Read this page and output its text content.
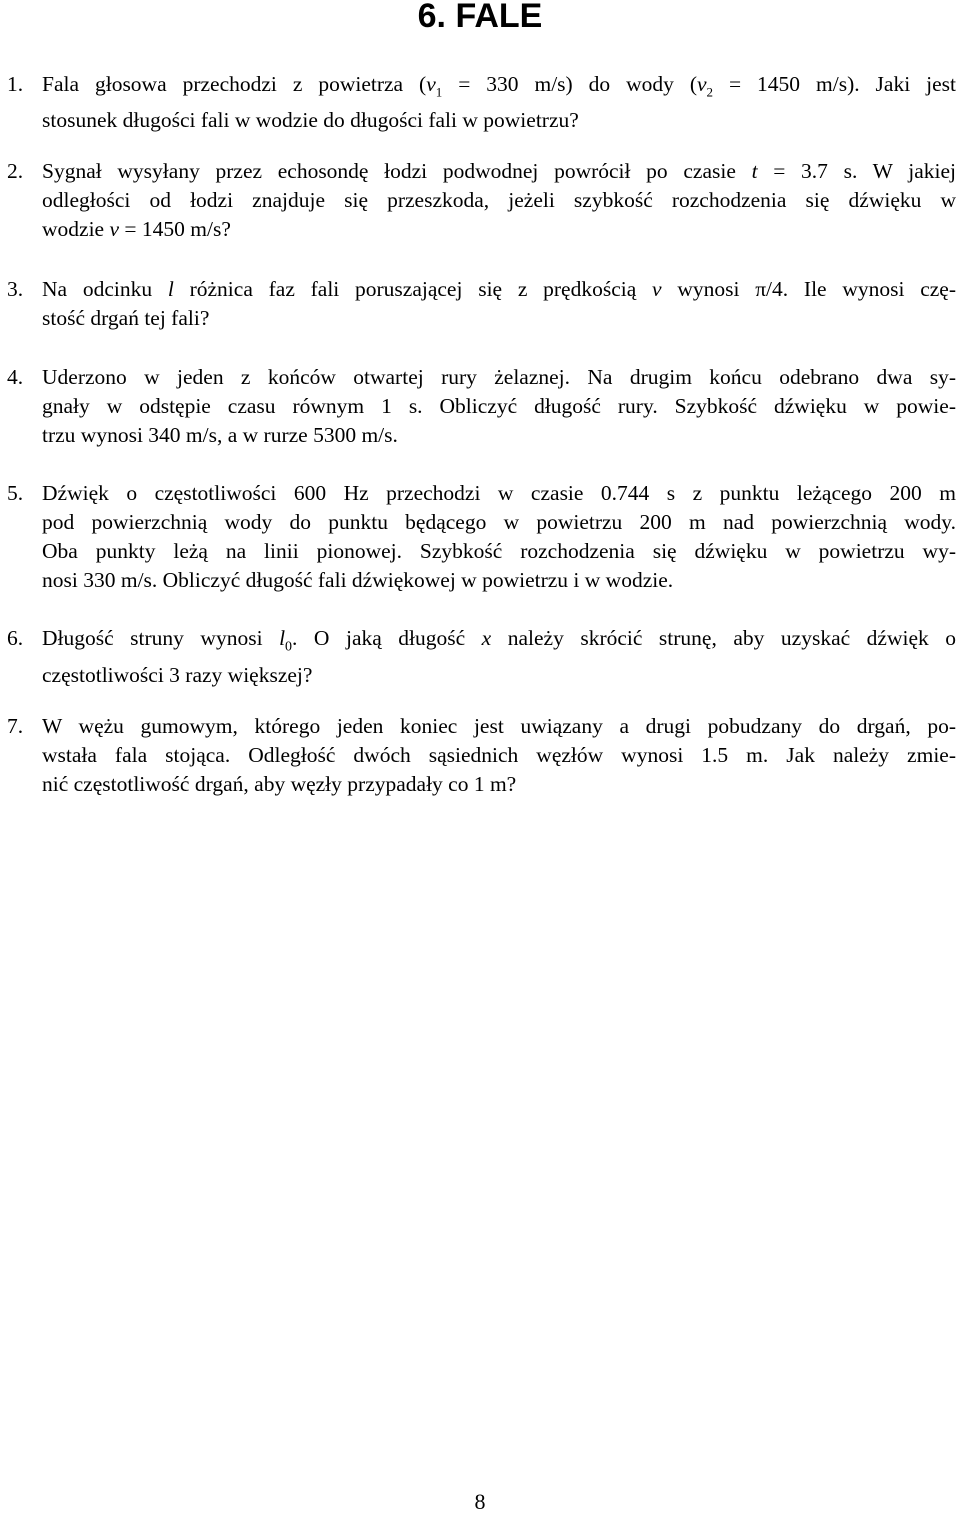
6. FALE
1. Fala głosowa przechodzi z powietrza ($v_1 = 330$ m/s) do wody ($v_2 = 1450$ m/s). Jaki jest
stosunek długości fali w wodzie do długości fali w powietrzu?
2. Sygnał wysyłany przez echosondę łodzi podwodnej powrócił po czasie t = 3.7 s. W jakiej
odległości od łodzi znajduje się przeszkoda, jeżeli szybkość rozchodzenia się dźwięku w
wodzie v = 1450 m/s?
3. Na odcinku l różnica faz fali poruszającej się z prędkością v wynosi π/4. Ile wynosi czę-
stość drgań tej fali?
4. Uderzono w jeden z końców otwartej rury żelaznej. Na drugim końcu odebrano dwa sy-
gnały w odstępie czasu równym 1 s. Obliczyć długość rury. Szybkość dźwięku w powie-
trzu wynosi 340 m/s, a w rurze 5300 m/s.
5. Dźwięk o częstotliwości 600 Hz przechodzi w czasie 0.744 s z punktu leżącego 200 m
pod powierzchnią wody do punktu będącego w powietrzu 200 m nad powierzchnią wody.
Oba punkty leżą na linii pionowej. Szybkość rozchodzenia się dźwięku w powietrzu wy-
nosi 330 m/s. Obliczyć długość fali dźwiękowej w powietrzu i w wodzie.
6. Długość struny wynosi $l_0$. O jaką długość x należy skrócić strunę, aby uzyskać dźwięk o
częstotliwości 3 razy większej?
7. W wężu gumowym, którego jeden koniec jest uwiązany a drugi pobudzany do drgań, po-
wstała fala stojąca. Odległość dwóch sąsiednich węzłów wynosi 1.5 m. Jak należy zmie-
nić częstotliwość drgań, aby węzły przypadały co 1 m?
8
